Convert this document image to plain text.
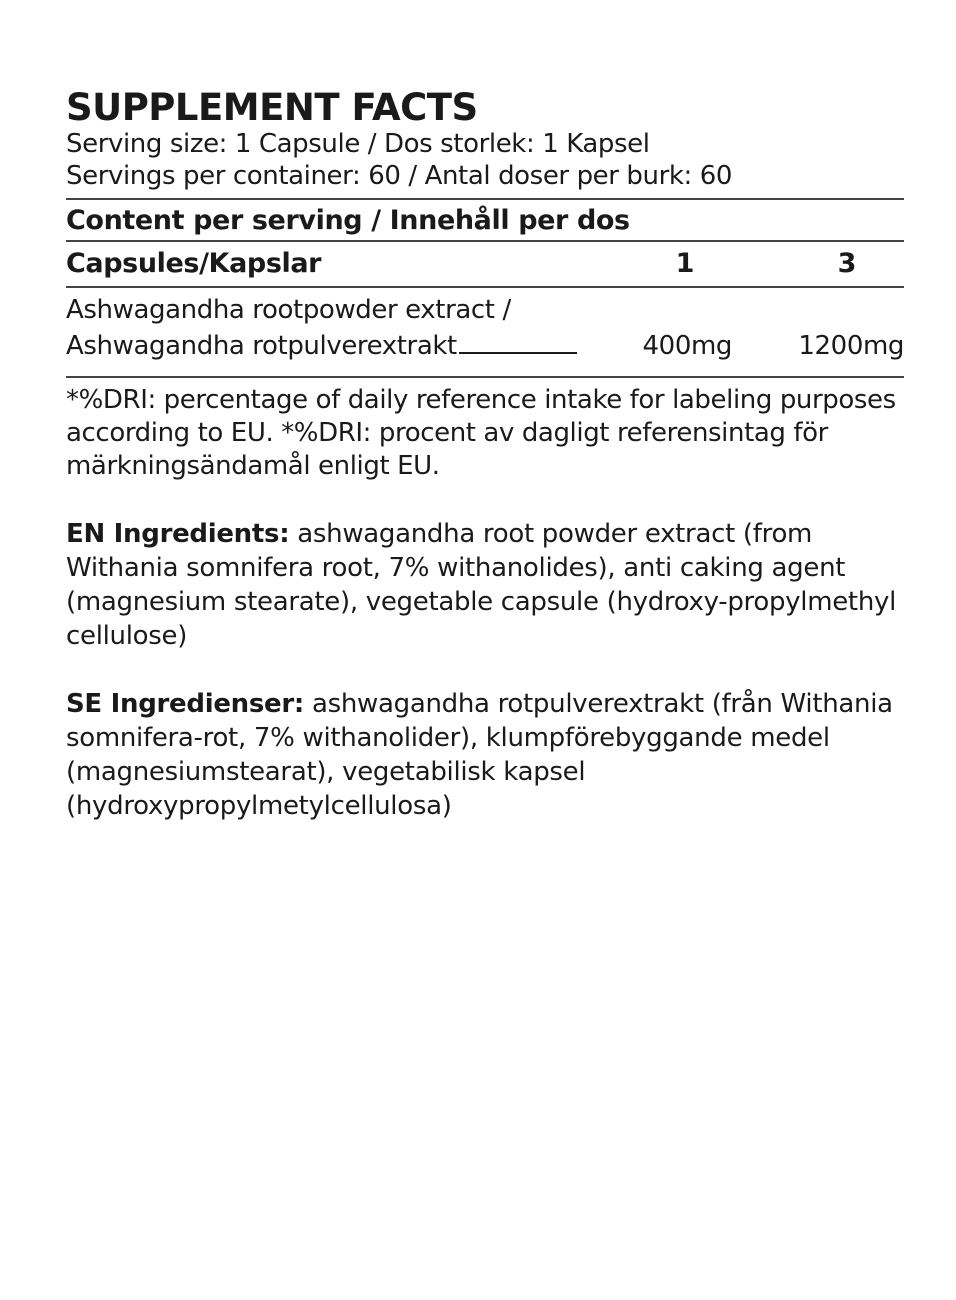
SUPPLEMENT FACTS
Serving size: 1 Capsule / Dos storlek: 1 Kapsel
Servings per container: 60 / Antal doser per burk: 60
Content per serving / Innehåll per dos
Capsules/Kapslar	1	3
Ashwagandha rootpowder extract /
Ashwagandha rotpulverextrakt	400mg	1200mg
*%DRI: percentage of daily reference intake for labeling purposes according to EU. *%DRI: procent av dagligt referensintag för märkningsändamål enligt EU.
EN Ingredients: ashwagandha root powder extract (from Withania somnifera root, 7% withanolides), anti caking agent (magnesium stearate), vegetable capsule (hydroxy-propylmethyl cellulose)
SE Ingredienser: ashwagandha rotpulverextrakt (från Withania somnifera-rot, 7% withanolider), klumpförebyggande medel (magnesiumstearat), vegetabilisk kapsel (hydroxypropylmetylcellulosa)
